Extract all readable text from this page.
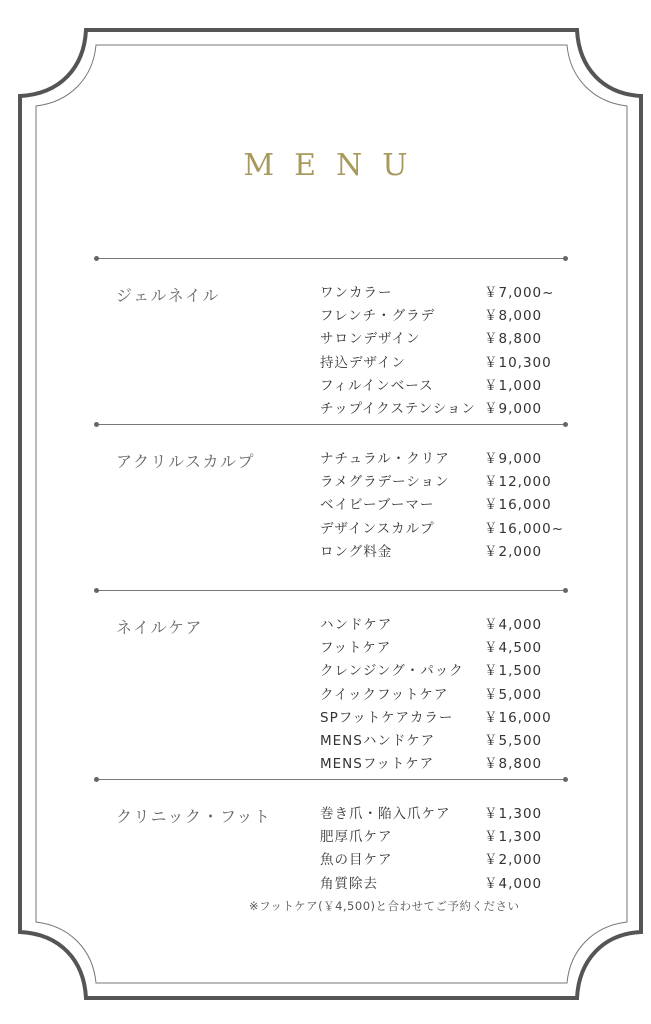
MENU
ジェルネイル	ワンカラー	￥7,000~
フレンチ・グラデ	￥8,000
サロンデザイン	￥8,800
持込デザイン	￥10,300
フィルインベース	￥1,000
チップイクステンション ￥9,000
アクリルスカルプ	ナチュラル・クリア	￥9,000
ラメグラデーション	￥12,000
ベイビーブーマー	￥16,000
デザインスカルプ	￥16,000~
ロング料金	￥2,000
ネイルケア	ハンドケア	￥4,000
フットケア	￥4,500
クレンジング・パック ￥1,500
クイックフットケア	￥5,000
SPフットケアカラー ￥16,000
MENSハンドケア	￥5,500
MENSフットケア	￥8,800
クリニック・フット	巻き爪・陥入爪ケア ￥1,300
肥厚爪ケア	￥1,300
魚の目ケア	￥2,000
角質除去	￥4,000
※フットケア(￥4,500)と合わせてご予約ください
